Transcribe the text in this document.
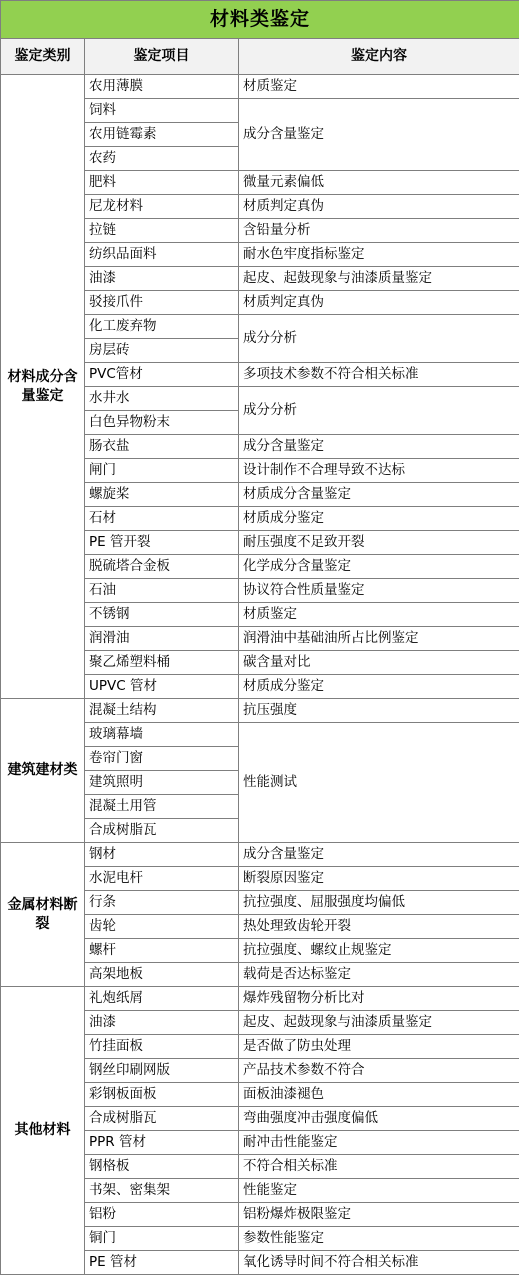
材料类鉴定		
鉴定类别	鉴定项目	鉴定内容
材料成分含量鉴定	农用薄膜	材质鉴定
	饲料	成分含量鉴定
	农用链霉素	
	农药	
	肥料	微量元素偏低
	尼龙材料	材质判定真伪
	拉链	含铅量分析
	纺织品面料	耐水色牢度指标鉴定
	油漆	起皮、起鼓现象与油漆质量鉴定
	驳接爪件	材质判定真伪
	化工废弃物	成分分析
	房层砖	
	PVC管材	多项技术参数不符合相关标准
	水井水	成分分析
	白色异物粉末	
	肠衣盐	成分含量鉴定
	闸门	设计制作不合理导致不达标
	螺旋桨	材质成分含量鉴定
	石材	材质成分鉴定
	PE 管开裂	耐压强度不足致开裂
	脱硫塔合金板	化学成分含量鉴定
	石油	协议符合性质量鉴定
	不锈钢	材质鉴定
	润滑油	润滑油中基础油所占比例鉴定
	聚乙烯塑料桶	碳含量对比
	UPVC 管材	材质成分鉴定
建筑建材类	混凝土结构	抗压强度
	玻璃幕墙	性能测试
	卷帘门窗	
	建筑照明	
	混凝土用管	
	合成树脂瓦	
金属材料断裂	钢材	成分含量鉴定
	水泥电杆	断裂原因鉴定
	行条	抗拉强度、屈服强度均偏低
	齿轮	热处理致齿轮开裂
	螺杆	抗拉强度、螺纹止规鉴定
	高架地板	载荷是否达标鉴定
其他材料	礼炮纸屑	爆炸残留物分析比对
	油漆	起皮、起鼓现象与油漆质量鉴定
	竹挂面板	是否做了防虫处理
	钢丝印刷网版	产品技术参数不符合
	彩钢板面板	面板油漆褪色
	合成树脂瓦	弯曲强度冲击强度偏低
	PPR 管材	耐冲击性能鉴定
	钢格板	不符合相关标准
	书架、密集架	性能鉴定
	铝粉	铝粉爆炸极限鉴定
	铜门	参数性能鉴定
	PE 管材	氧化诱导时间不符合相关标准
